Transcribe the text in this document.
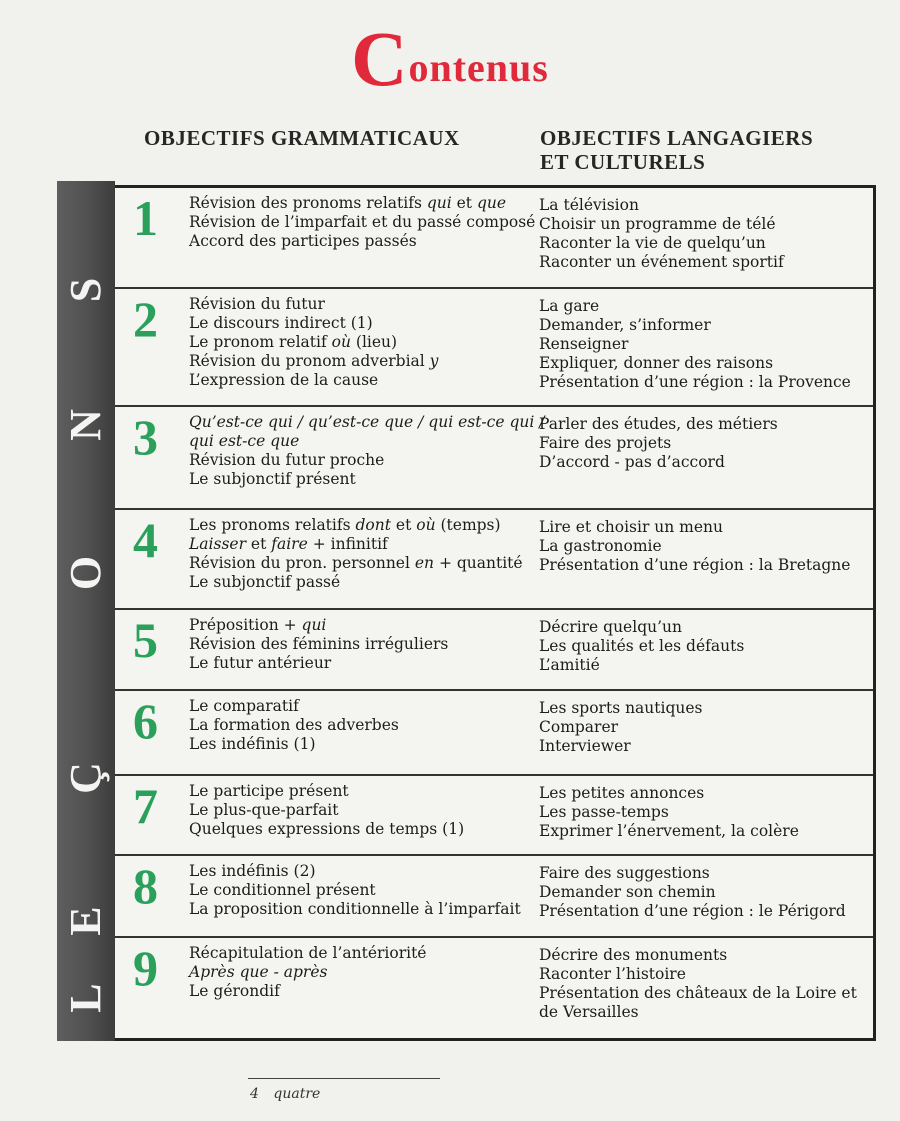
Contenus
OBJECTIFS GRAMMATICAUX	OBJECTIFS LANGAGIERS
ET CULTURELS
L
E
Ç
O
N
S
1 Révision des pronoms relatifs qui et que
Révision de l’imparfait et du passé composé
Accord des participes passés
La télévision
Choisir un programme de télé
Raconter la vie de quelqu’un
Raconter un événement sportif
2 Révision du futur
Le discours indirect (1)
Le pronom relatif où (lieu)
Révision du pronom adverbial y
L’expression de la cause
La gare
Demander, s’informer
Renseigner
Expliquer, donner des raisons
Présentation d’une région : la Provence
3 Qu’est-ce qui / qu’est-ce que / qui est-ce qui /
qui est-ce que
Révision du futur proche
Le subjonctif présent
Parler des études, des métiers
Faire des projets
D’accord - pas d’accord
4 Les pronoms relatifs dont et où (temps)
Laisser et faire + infinitif
Révision du pron. personnel en + quantité
Le subjonctif passé
Lire et choisir un menu
La gastronomie
Présentation d’une région : la Bretagne
5 Préposition + qui
Révision des féminins irréguliers
Le futur antérieur
Décrire quelqu’un
Les qualités et les défauts
L’amitié
6 Le comparatif
La formation des adverbes
Les indéfinis (1)
Les sports nautiques
Comparer
Interviewer
7 Le participe présent
Le plus-que-parfait
Quelques expressions de temps (1)
Les petites annonces
Les passe-temps
Exprimer l’énervement, la colère
8 Les indéfinis (2)
Le conditionnel présent
La proposition conditionnelle à l’imparfait
Faire des suggestions
Demander son chemin
Présentation d’une région : le Périgord
9 Récapitulation de l’antériorité
Après que - après
Le gérondif
Décrire des monuments
Raconter l’histoire
Présentation des châteaux de la Loire et de Versailles
4 quatre
